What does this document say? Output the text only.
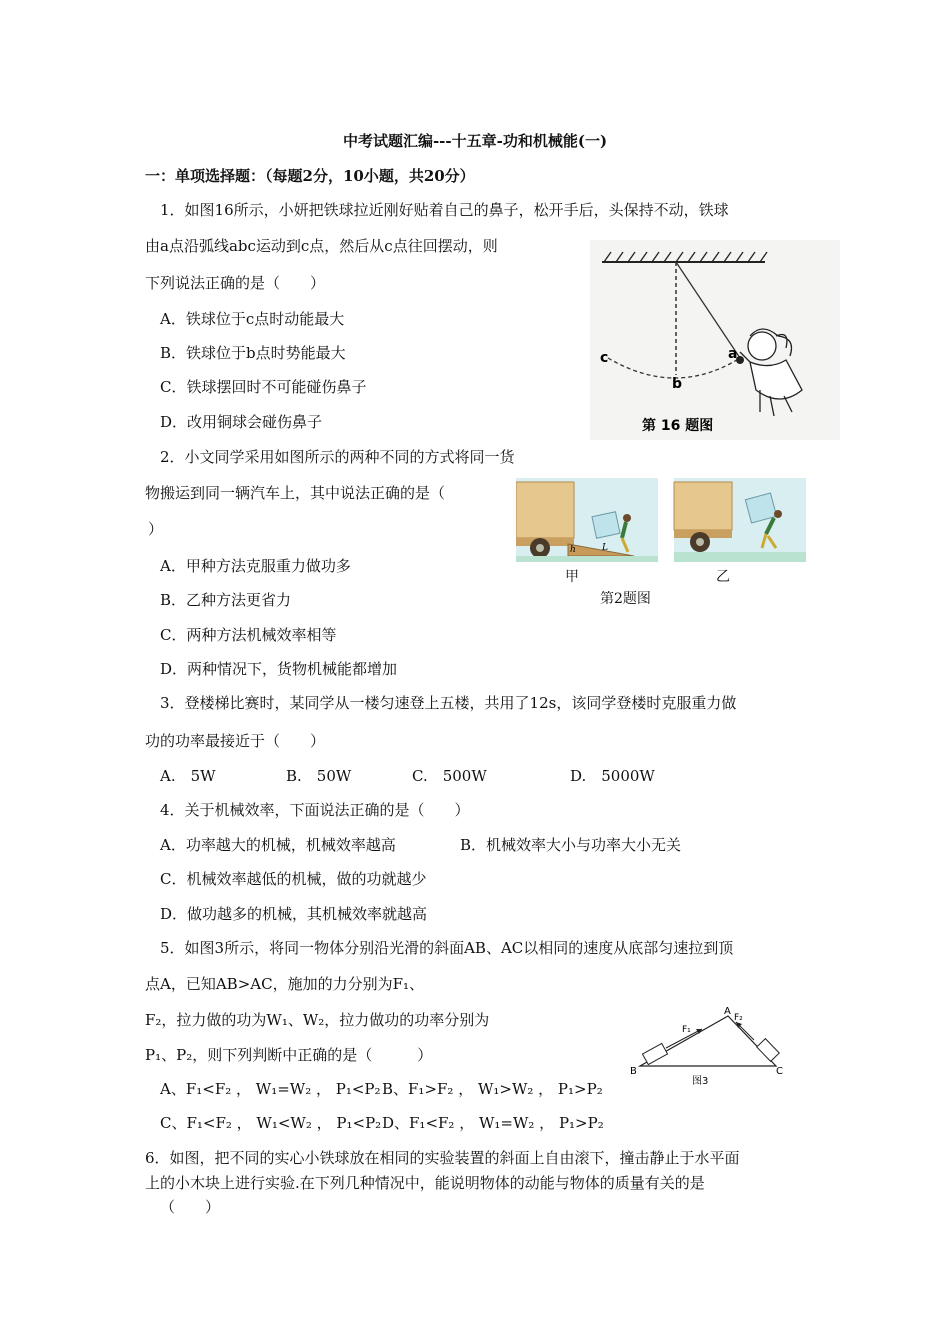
中考试题汇编---十五章-功和机械能(一)
一：单项选择题：（每题2分，10小题，共20分）
1．如图16所示，小妍把铁球拉近刚好贴着自己的鼻子，松开手后，头保持不动，铁球
由a点沿弧线abc运动到c点，然后从c点往回摆动，则
下列说法正确的是（　　）
A．铁球位于c点时动能最大
B．铁球位于b点时势能最大
C．铁球摆回时不可能碰伤鼻子
D．改用铜球会碰伤鼻子
c
b
a
第 16 题图
2．小文同学采用如图所示的两种不同的方式将同一货
物搬运到同一辆汽车上，其中说法正确的是（
）
A．甲种方法克服重力做功多
B．乙种方法更省力
C．两种方法机械效率相等
D．两种情况下，货物机械能都增加
h	L
甲	乙
第2题图
3．登楼梯比赛时，某同学从一楼匀速登上五楼，共用了12s，该同学登楼时克服重力做
功的功率最接近于（　　）
A.　5W	B.　50W	C.　500W	D.　5000W
4．关于机械效率，下面说法正确的是（　　）
A．功率越大的机械，机械效率越高	B．机械效率大小与功率大小无关
C．机械效率越低的机械，做的功就越少
D．做功越多的机械，其机械效率就越高
5．如图3所示，将同一物体分别沿光滑的斜面AB、AC以相同的速度从底部匀速拉到顶
点A，已知AB>AC，施加的力分别为F₁、
F₂，拉力做的功为W₁、W₂，拉力做功的功率分别为
P₁、P₂，则下列判断中正确的是（　　　）
A、F₁<F₂ ， W₁=W₂ ， P₁<P₂ B、F₁>F₂ ， W₁>W₂ ， P₁>P₂
C、F₁<F₂ ， W₁<W₂ ， P₁<P₂ D、F₁<F₂ ， W₁=W₂ ， P₁>P₂
A
B	C
F₁
F₂
图3
6．如图，把不同的实心小铁球放在相同的实验装置的斜面上自由滚下，撞击静止于水平面
上的小木块上进行实验.在下列几种情况中，能说明物体的动能与物体的质量有关的是
（　　）
